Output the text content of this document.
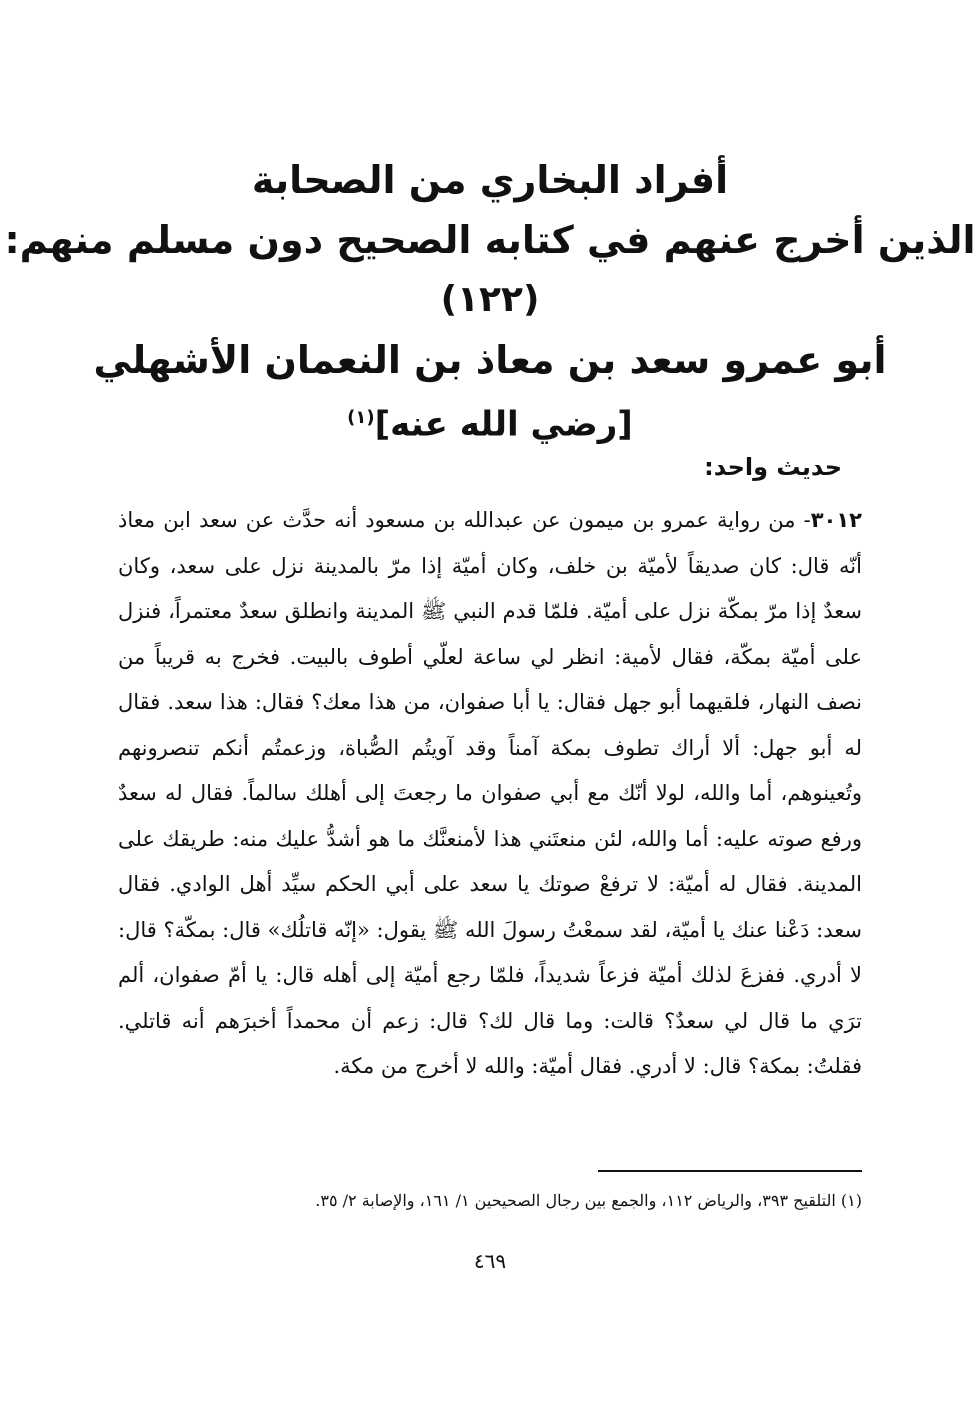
أفراد البخاري من الصحابة
الذين أخرج عنهم في كتابه الصحيح دون مسلم منهم:
(١٢٢)
أبو عمرو سعد بن معاذ بن النعمان الأشهلي
[رضي الله عنه]$^{(١)}$
حديث واحد:
٣٠١٢- من رواية عمرو بن ميمون عن عبدالله بن مسعود أنه حدَّث عن سعد ابن معاذ أنّه قال: كان صديقاً لأميّة بن خلف، وكان أميّة إذا مرّ بالمدينة نزل على سعد، وكان سعدٌ إذا مرّ بمكّة نزل على أميّة. فلمّا قدم النبي ﷺ المدينة وانطلق سعدٌ معتمراً، فنزل على أميّة بمكّة، فقال لأمية: انظر لي ساعة لعلّي أطوف بالبيت. فخرج به قريباً من نصف النهار، فلقيهما أبو جهل فقال: يا أبا صفوان، من هذا معك؟ فقال: هذا سعد. فقال له أبو جهل: ألا أراك تطوف بمكة آمناً وقد آويتُم الصُّباة، وزعمتُم أنكم تنصرونهم وتُعينوهم، أما والله، لولا أنّك مع أبي صفوان ما رجعتَ إلى أهلك سالماً. فقال له سعدٌ ورفع صوته عليه: أما والله، لئن منعتَني هذا لأمنعنَّك ما هو أشدُّ عليك منه: طريقك على المدينة. فقال له أميّة: لا ترفعْ صوتك يا سعد على أبي الحكم سيِّد أهل الوادي. فقال سعد: دَعْنا عنك يا أميّة، لقد سمعْتُ رسولَ الله ﷺ يقول: «إنّه قاتلُك» قال: بمكّة؟ قال: لا أدري. ففزعَ لذلك أميّة فزعاً شديداً، فلمّا رجع أميّة إلى أهله قال: يا أمّ صفوان، ألم ترَي ما قال لي سعدٌ؟ قالت: وما قال لك؟ قال: زعم أن محمداً أخبرَهم أنه قاتلي. فقلتُ: بمكة؟ قال: لا أدري. فقال أميّة: والله لا أخرج من مكة.
(١) التلقيح ٣٩٣، والرياض ١١٢، والجمع بين رجال الصحيحين ١/ ١٦١، والإصابة ٢/ ٣٥.
٤٦٩
